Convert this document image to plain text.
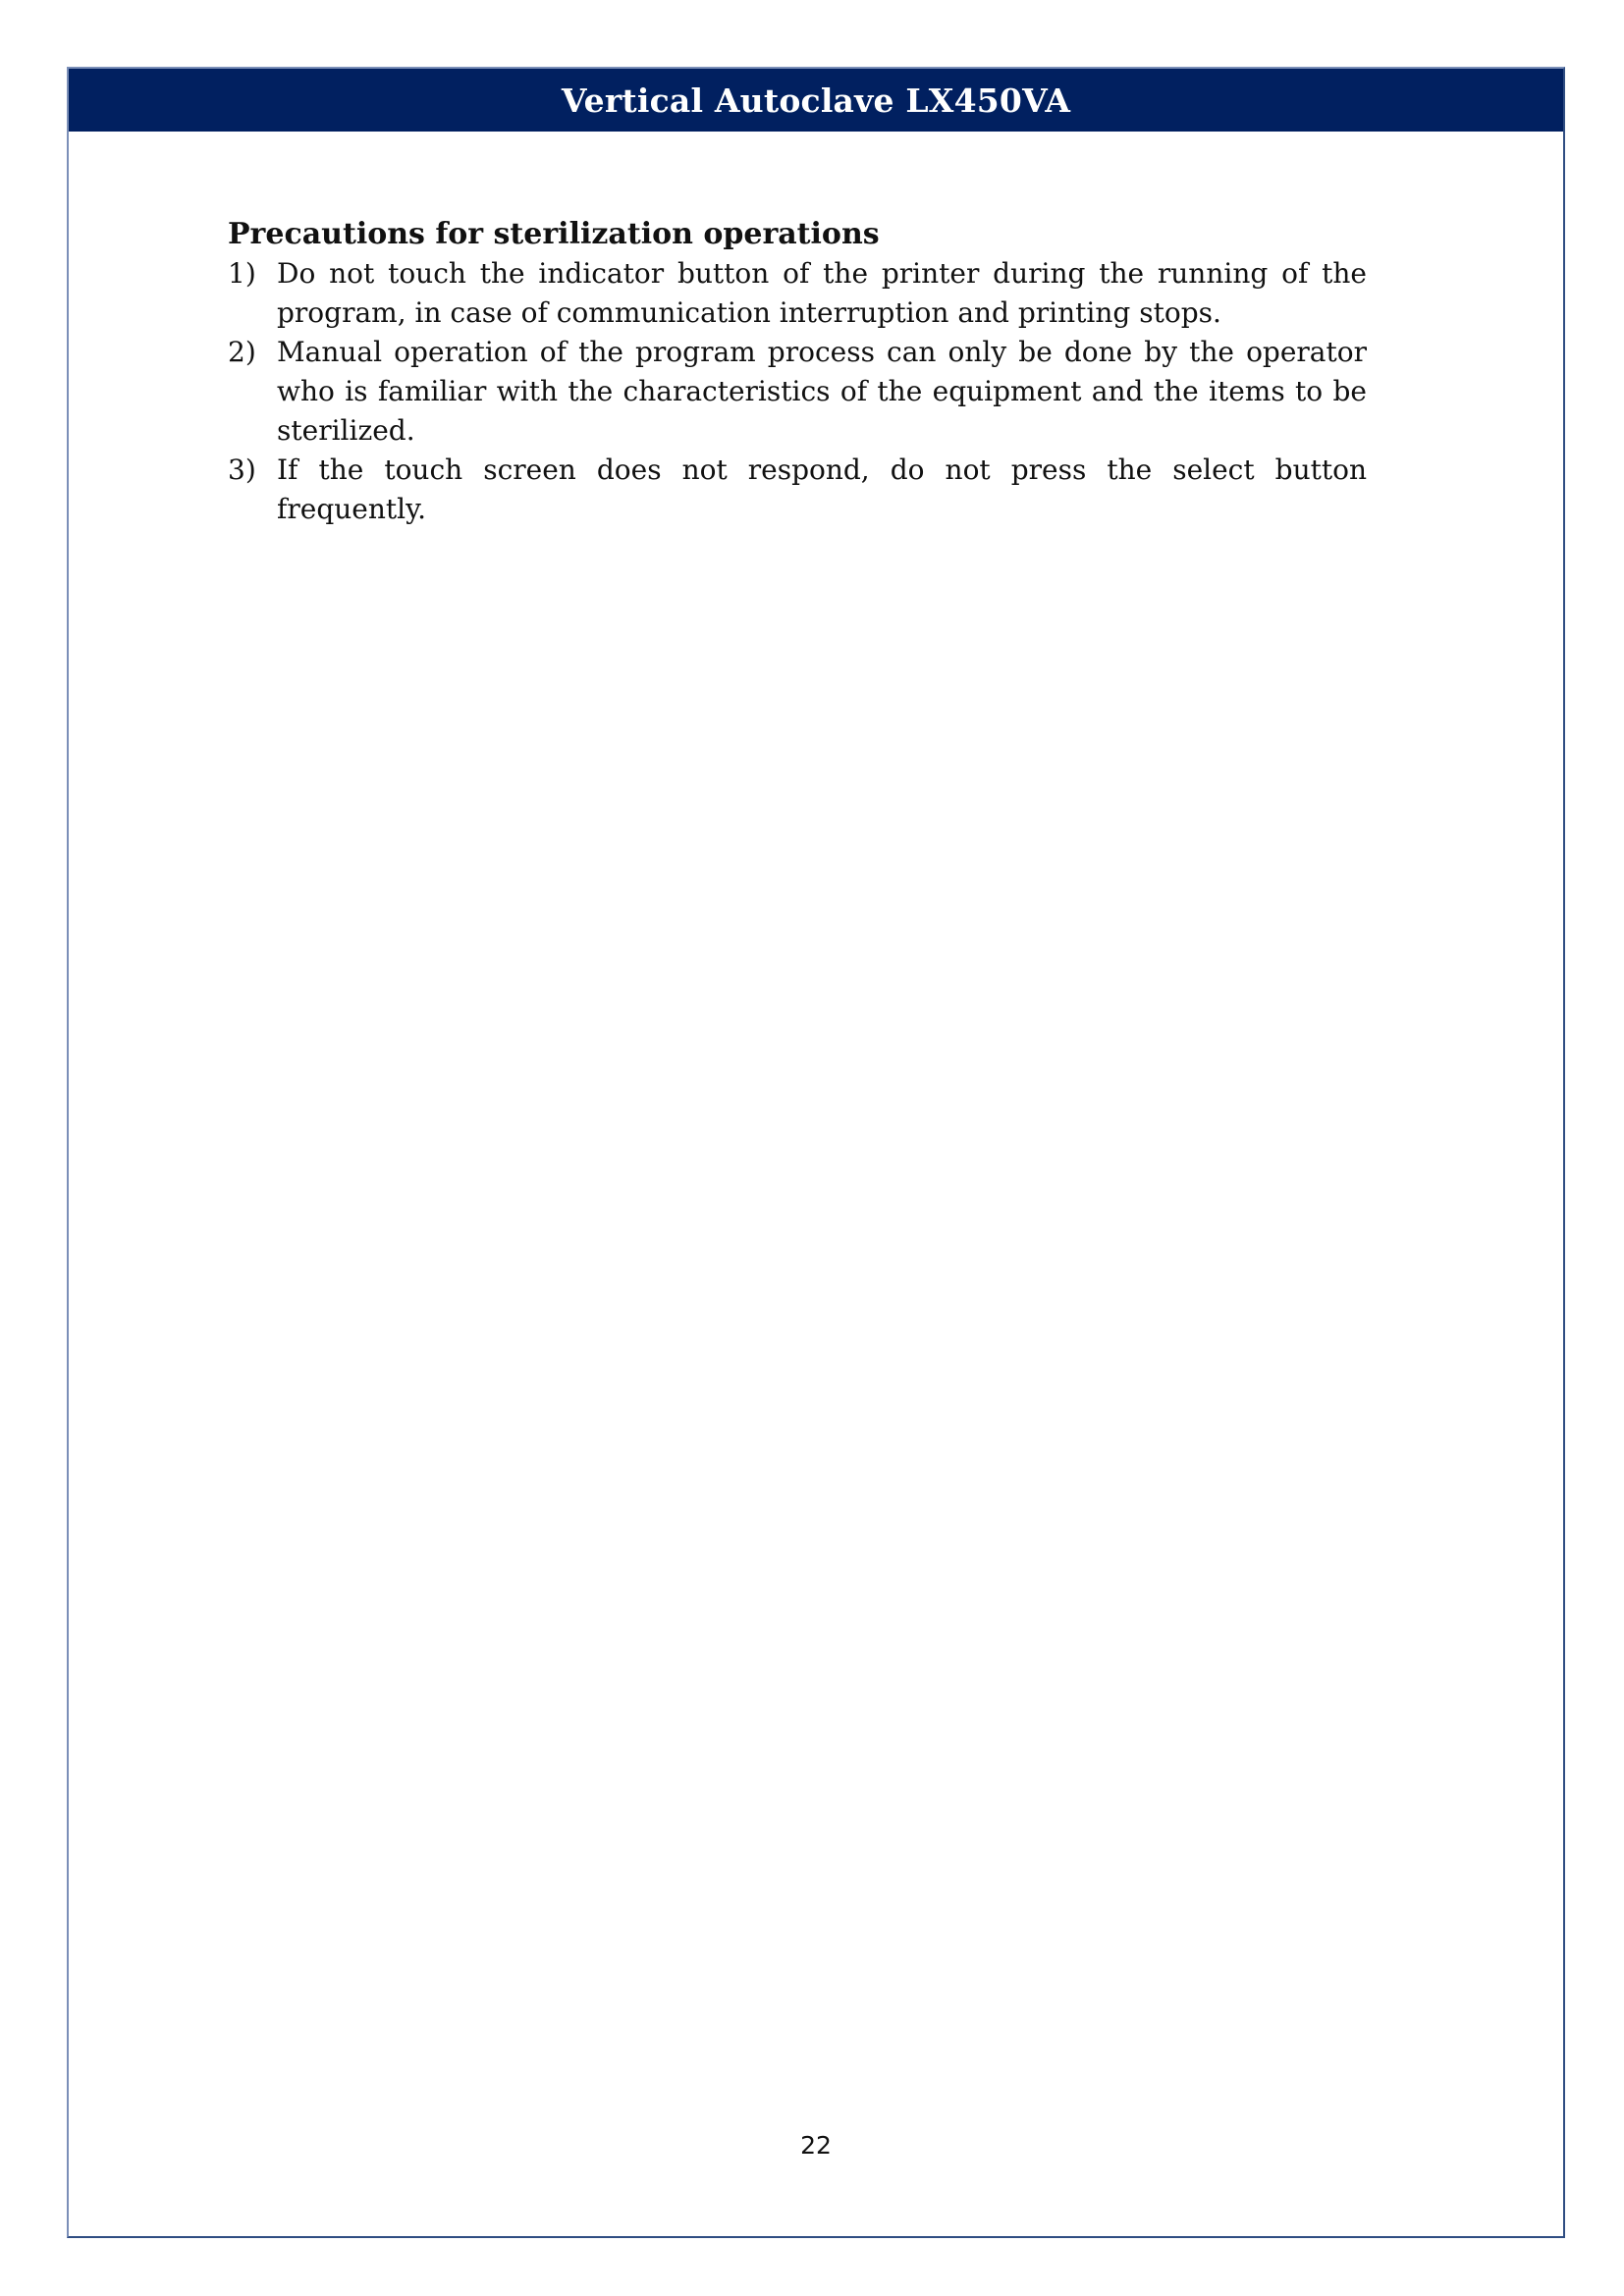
Vertical Autoclave LX450VA
22
Precautions for sterilization operations
1) Do not touch the indicator button of the printer during the running of the program, in case of communication interruption and printing stops.
2) Manual operation of the program process can only be done by the operator who is familiar with the characteristics of the equipment and the items to be sterilized.
3) If the touch screen does not respond, do not press the select button frequently.
